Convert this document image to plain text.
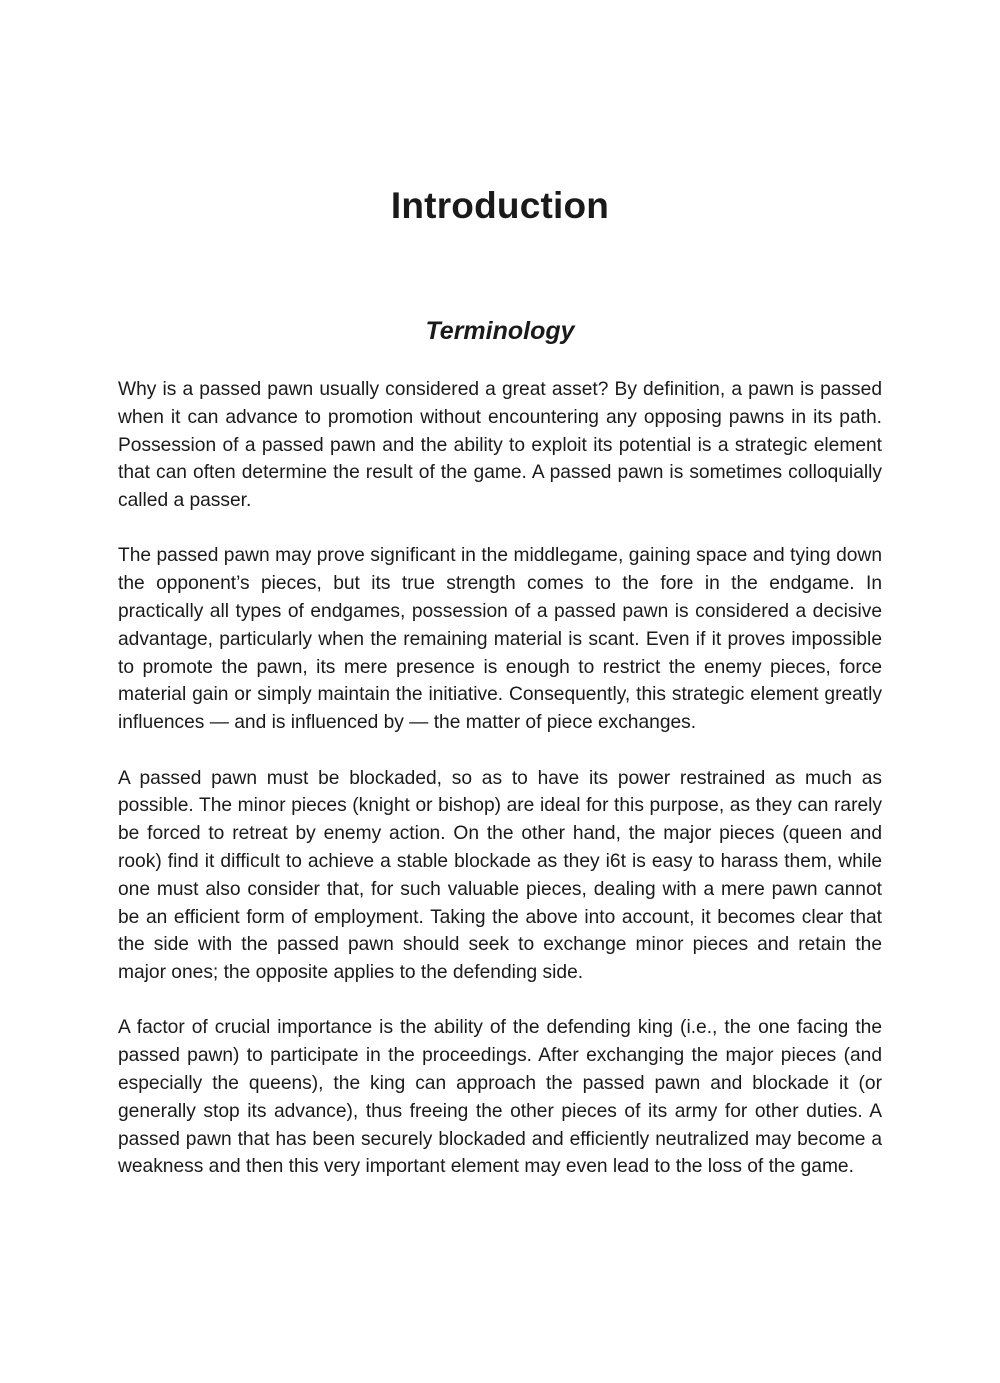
Introduction
Terminology

Why is a passed pawn usually considered a great asset? By definition, a pawn is passed when it can advance to promotion without encountering any opposing pawns in its path. Possession of a passed pawn and the ability to exploit its potential is a strategic element that can often determine the result of the game. A passed pawn is sometimes colloquially called a passer.

The passed pawn may prove significant in the middlegame, gaining space and tying down the opponent’s pieces, but its true strength comes to the fore in the endgame. In practically all types of endgames, possession of a passed pawn is considered a decisive advantage, particularly when the remaining material is scant. Even if it proves impossible to promote the pawn, its mere presence is enough to restrict the enemy pieces, force material gain or simply maintain the initiative. Consequently, this strategic element greatly influences — and is influenced by — the matter of piece exchanges.

A passed pawn must be blockaded, so as to have its power restrained as much as possible. The minor pieces (knight or bishop) are ideal for this purpose, as they can rarely be forced to retreat by enemy action. On the other hand, the major pieces (queen and rook) find it difficult to achieve a stable blockade as they i6t is easy to harass them, while one must also consider that, for such valuable pieces, dealing with a mere pawn cannot be an efficient form of employment. Taking the above into account, it becomes clear that the side with the passed pawn should seek to exchange minor pieces and retain the major ones; the opposite applies to the defending side.

A factor of crucial importance is the ability of the defending king (i.e., the one facing the passed pawn) to participate in the proceedings. After exchanging the major pieces (and especially the queens), the king can approach the passed pawn and blockade it (or generally stop its advance), thus freeing the other pieces of its army for other duties. A passed pawn that has been securely blockaded and efficiently neutralized may become a weakness and then this very important element may even lead to the loss of the game.
